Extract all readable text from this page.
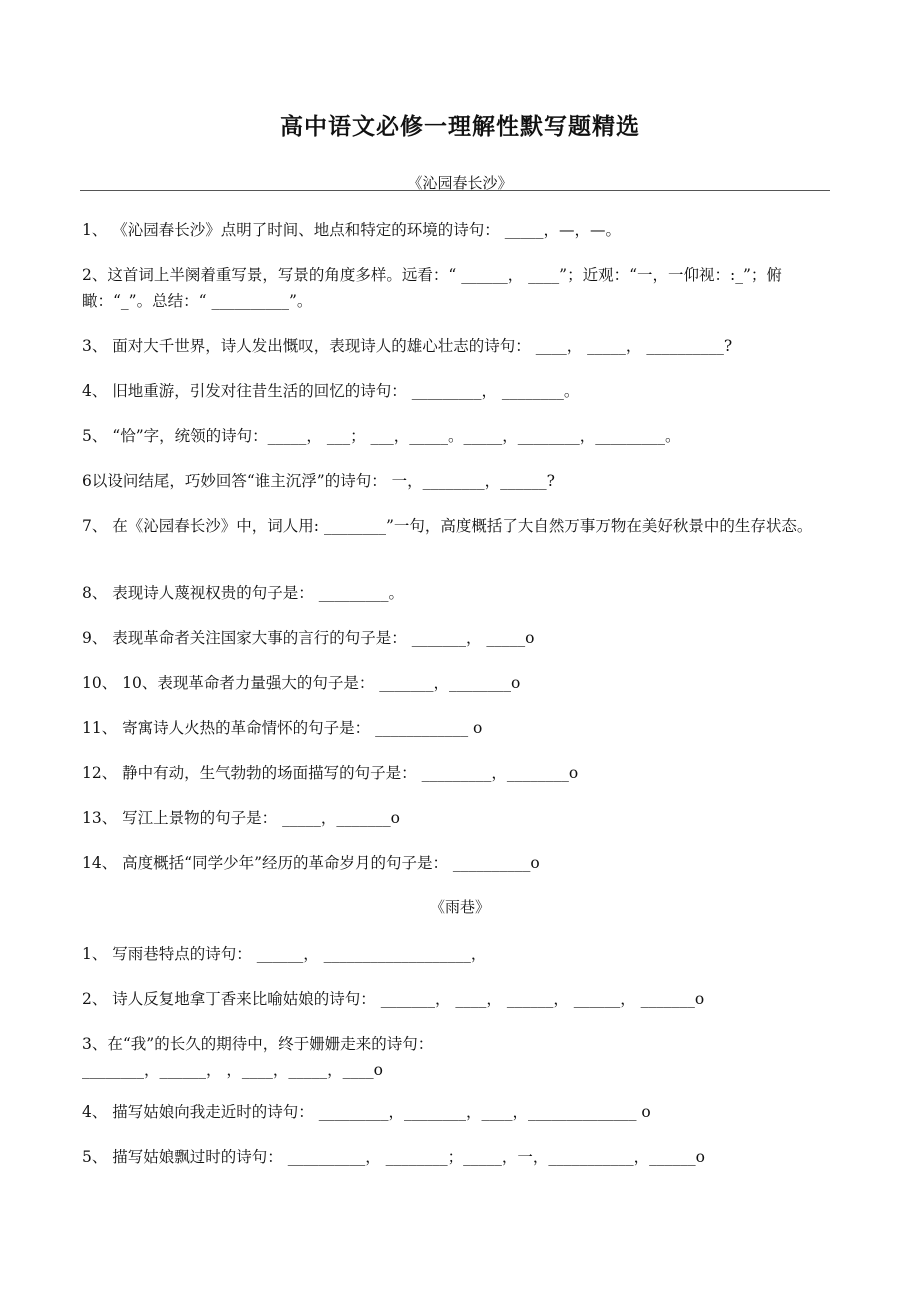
高中语文必修一理解性默写题精选
《沁园春长沙》
1、 《沁园春长沙》点明了时间、地点和特定的环境的诗句： _____，—，—。
2、这首词上半阕着重写景，写景的角度多样。远看：“ ______， ____”；近观：“一，一仰视：:_”；俯瞰：“_”。总结：“ __________”。
3、 面对大千世界，诗人发出慨叹，表现诗人的雄心壮志的诗句： ____， _____， __________?
4、 旧地重游，引发对往昔生活的回忆的诗句： _________， ________。
5、 “恰”字，统领的诗句：_____， ___； ___，_____。_____，________，_________。
6以设问结尾，巧妙回答“谁主沉浮”的诗句： 一，________，______?
7、 在《沁园春长沙》中，词人用: ________”一句，高度概括了大自然万事万物在美好秋景中的生存状态。
8、 表现诗人蔑视权贵的句子是： _________。
9、 表现革命者关注国家大事的言行的句子是： _______， _____o
10、 10、表现革命者力量强大的句子是： _______，________o
11、 寄寓诗人火热的革命情怀的句子是： ____________ o
12、 静中有动，生气勃勃的场面描写的句子是： _________，________o
13、 写江上景物的句子是： _____，_______o
14、 高度概括“同学少年”经历的革命岁月的句子是： __________o
《雨巷》
1、 写雨巷特点的诗句： ______， ___________________，
2、 诗人反复地拿丁香来比喻姑娘的诗句： _______， ____， ______， ______， _______o
3、在“我”的长久的期待中，终于姗姗走来的诗句：________，______， ，____，_____，____o
4、 描写姑娘向我走近时的诗句： _________，________，____，______________ o
5、 描写姑娘飘过时的诗句： __________， ________；_____，一，___________，______o
